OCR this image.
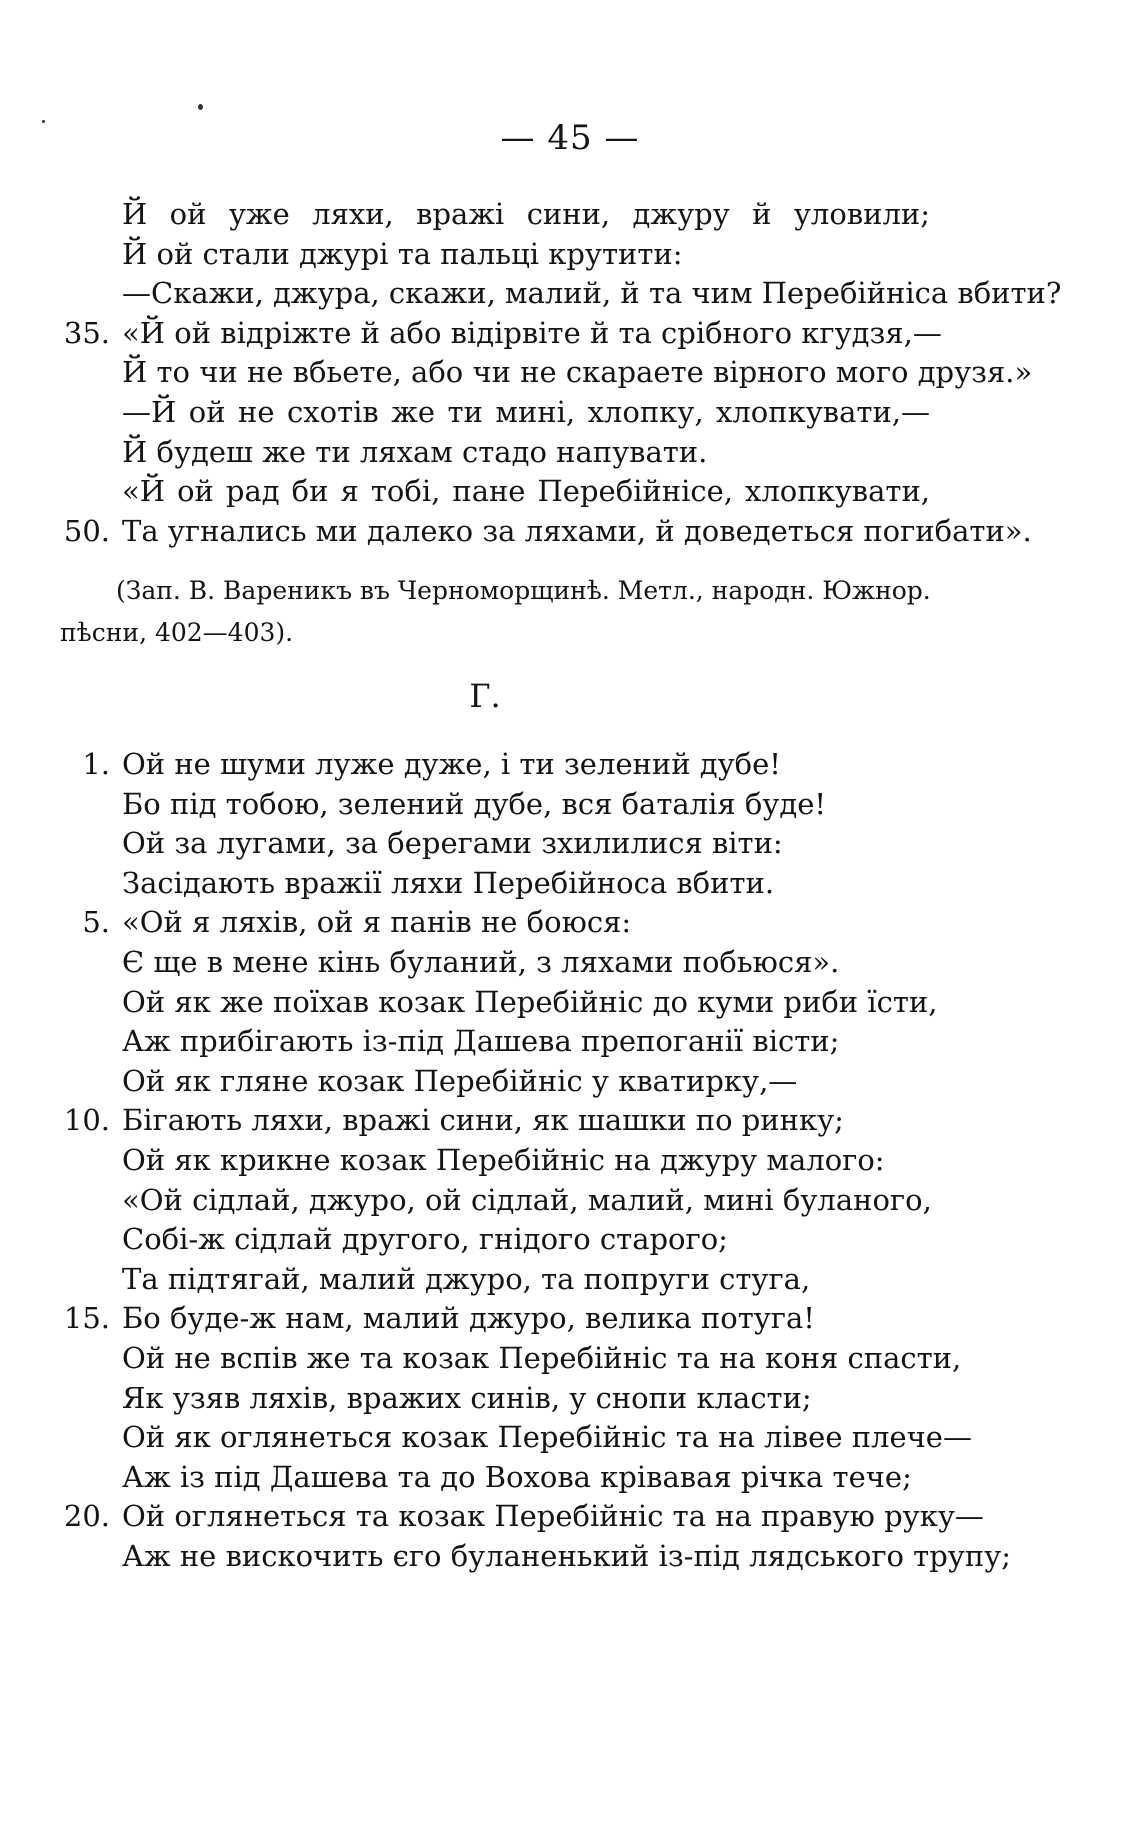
— 45 —
Й ой уже ляхи, вражі сини, джуру й уловили;
Й ой стали джурі та пальці крутити:
—Скажи, джура, скажи, малий, й та чим Перебійніса вбити?
35. «Й ой відріжте й або відірвіте й та срібного кгудзя,—
Й то чи не вбьете, або чи не скараете вірного мого друзя.»
—Й ой не схотів же ти мині, хлопку, хлопкувати,—
Й будеш же ти ляхам стадо напувати.
«Й ой рад би я тобі, пане Перебійнісе, хлопкувати,
50. Та угнались ми далеко за ляхами, й доведеться погибати».
(Зап. В. Вареникъ въ Черноморщинѣ. Метл., народн. Южнор.
пѣсни, 402—403).
Г.
1. Ой не шуми луже дуже, і ти зелений дубе!
Бо під тобою, зелений дубе, вся баталія буде!
Ой за лугами, за берегами зхилилися віти:
Засідають вражії ляхи Перебійноса вбити.
5. «Ой я ляхів, ой я панів не боюся:
Є ще в мене кінь буланий, з ляхами побьюся».
Ой як же поїхав козак Перебійніс до куми риби їсти,
Аж прибігають із-під Дашева препоганії вісти;
Ой як гляне козак Перебійніс у кватирку,—
10. Бігають ляхи, вражі сини, як шашки по ринку;
Ой як крикне козак Перебійніс на джуру малого:
«Ой сідлай, джуро, ой сідлай, малий, мині буланого,
Собі-ж сідлай другого, гнідого старого;
Та підтягай, малий джуро, та попруги стуга,
15. Бо буде-ж нам, малий джуро, велика потуга!
Ой не вспів же та козак Перебійніс та на коня спасти,
Як узяв ляхів, вражих синів, у снопи класти;
Ой як оглянеться козак Перебійніс та на лівее плече—
Аж із під Дашева та до Вохова крівавая річка тече;
20. Ой оглянеться та козак Перебійніс та на правую руку—
Аж не вискочить єго буланенький із-під лядського трупу;
